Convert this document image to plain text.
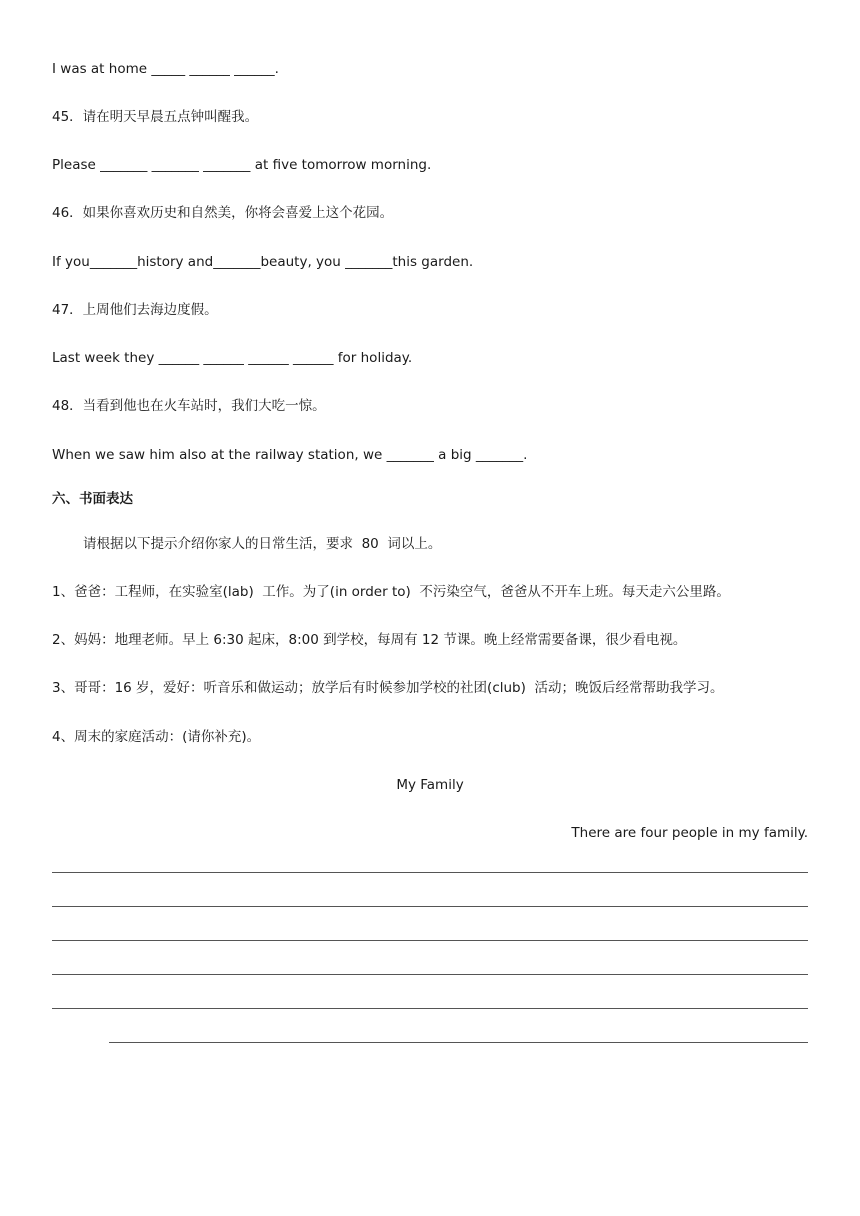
I was at home _____ ______ ______.
45．请在明天早晨五点钟叫醒我。
Please _______ _______ _______ at five tomorrow morning.
46．如果你喜欢历史和自然美，你将会喜爱上这个花园。
If you_______history and_______beauty, you _______this garden.
47．上周他们去海边度假。
Last week they ______ ______ ______ ______ for holiday.
48．当看到他也在火车站时，我们大吃一惊。
When we saw him also at the railway station, we _______ a big _______.
六、书面表达
请根据以下提示介绍你家人的日常生活，要求  80  词以上。
1、爸爸：工程师，在实验室(lab)  工作。为了(in order to)  不污染空气，爸爸从不开车上班。每天走六公里路。
2、妈妈：地理老师。早上 6:30 起床，8:00 到学校，每周有 12 节课。晚上经常需要备课，很少看电视。
3、哥哥：16 岁，爱好：听音乐和做运动；放学后有时候参加学校的社团(club)  活动；晚饭后经常帮助我学习。
4、周末的家庭活动：(请你补充)。
My Family
There are four people in my family.
